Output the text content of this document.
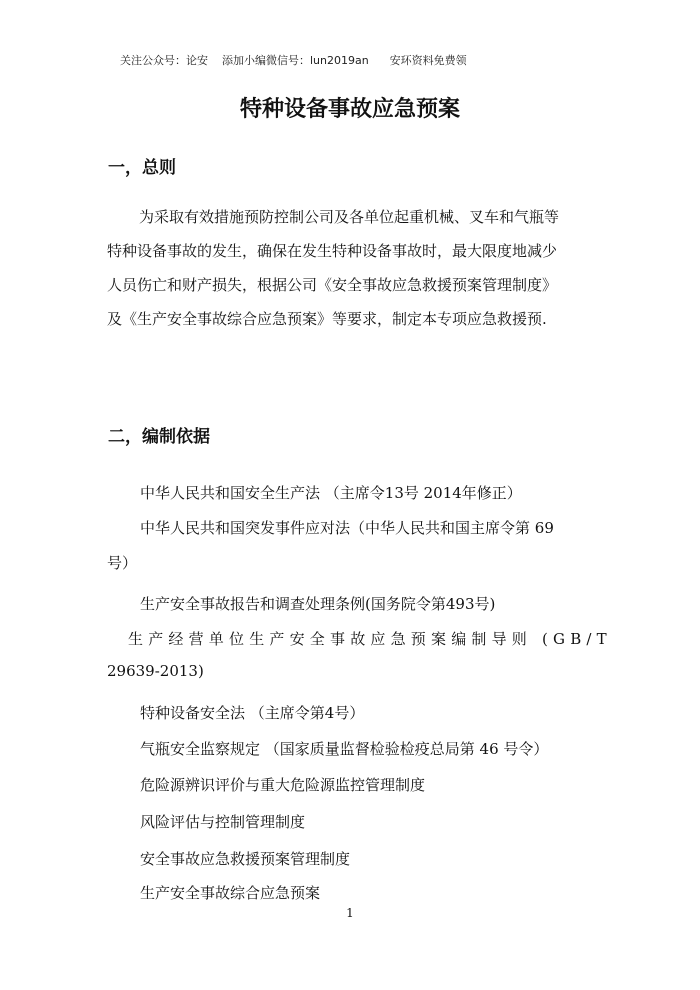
关注公众号：论安    添加小编微信号：lun2019an      安环资料免费领
特种设备事故应急预案
一，总则
为采取有效措施预防控制公司及各单位起重机械、叉车和气瓶等
特种设备事故的发生，确保在发生特种设备事故时，最大限度地减少
人员伤亡和财产损失，根据公司《安全事故应急救援预案管理制度》
及《生产安全事故综合应急预案》等要求，制定本专项应急救援预.
二，编制依据
中华人民共和国安全生产法 （主席令13号 2014年修正）
中华人民共和国突发事件应对法（中华人民共和国主席令第 69
号）
生产安全事故报告和调查处理条例(国务院令第493号)
生产经营单位生产安全事故应急预案编制导则 (GB/T
29639-2013)
特种设备安全法 （主席令第4号）
气瓶安全监察规定 （国家质量监督检验检疫总局第 46 号令）
危险源辨识评价与重大危险源监控管理制度
风险评估与控制管理制度
安全事故应急救援预案管理制度
生产安全事故综合应急预案
1
